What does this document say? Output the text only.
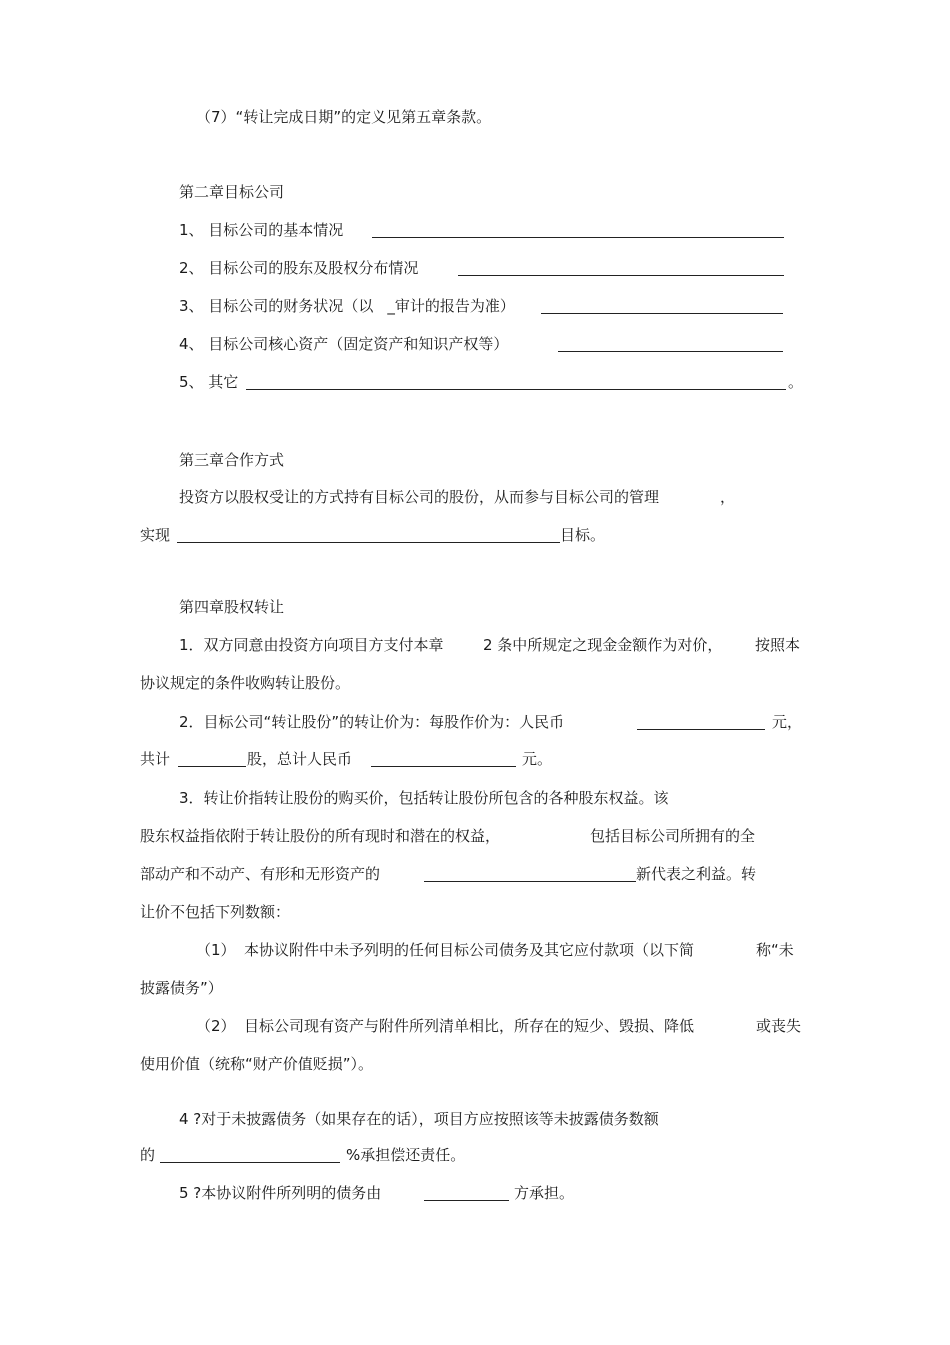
（7）“转让完成日期”的定义见第五章条款。
第二章目标公司
1、 目标公司的基本情况
2、 目标公司的股东及股权分布情况
3、 目标公司的财务状况（以 _审计的报告为准）
4、 目标公司核心资产（固定资产和知识产权等）
5、 其它	。
第三章合作方式
投资方以股权受让的方式持有目标公司的股份，从而参与目标公司的管理	，
实现	目标。
第四章股权转让
1．双方同意由投资方向项目方支付本章	2 条中所规定之现金金额作为对价， 按照本
协议规定的条件收购转让股份。
2．目标公司“转让股份”的转让价为：每股作价为：人民币	元，
共计	股，总计人民币	元。
3．转让价指转让股份的购买价，包括转让股份所包含的各种股东权益。该
股东权益指依附于转让股份的所有现时和潜在的权益，	包括目标公司所拥有的全
部动产和不动产、有形和无形资产的	新代表之利益。转
让价不包括下列数额：
（1） 本协议附件中未予列明的任何目标公司债务及其它应付款项（以下简	称“未
披露债务”）
（2） 目标公司现有资产与附件所列清单相比，所存在的短少、毁损、降低	或丧失
使用价值（统称“财产价值贬损”）。
4 ?对于未披露债务（如果存在的话），项目方应按照该等未披露债务数额
的	%承担偿还责任。
5 ?本协议附件所列明的债务由	方承担。
